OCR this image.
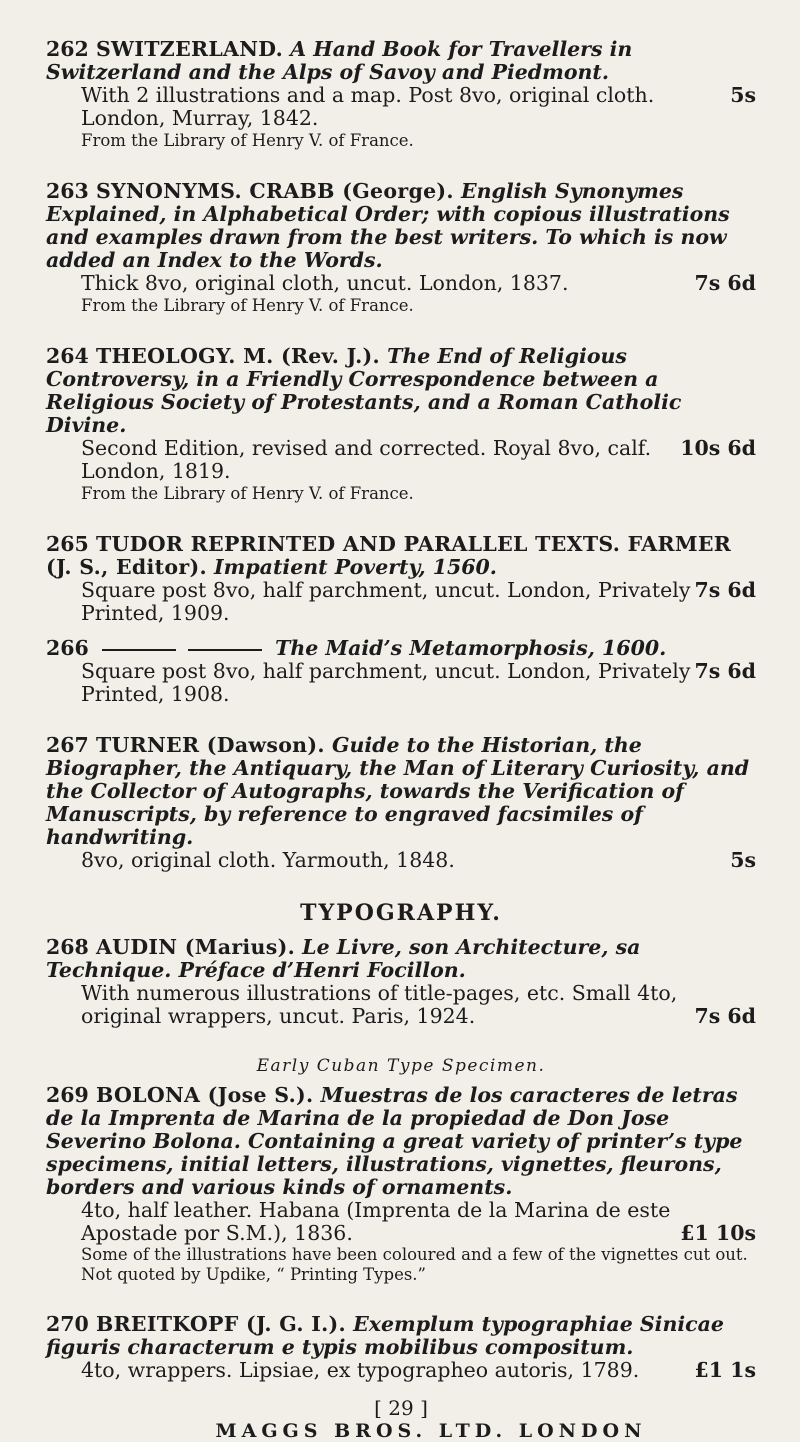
262 SWITZERLAND. A Hand Book for Travellers in Switzerland and the Alps of Savoy and Piedmont.
With 2 illustrations and a map. Post 8vo, original cloth. London, Murray, 1842.
5s
From the Library of Henry V. of France.
263 SYNONYMS. CRABB (George). English Synonymes Explained, in Alphabetical Order; with copious illustrations and examples drawn from the best writers. To which is now added an Index to the Words.
Thick 8vo, original cloth, uncut. London, 1837.	7s 6d
From the Library of Henry V. of France.
264 THEOLOGY. M. (Rev. J.). The End of Religious Controversy, in a Friendly Correspondence between a Religious Society of Protestants, and a Roman Catholic Divine.
Second Edition, revised and corrected. Royal 8vo, calf. London, 1819.
10s 6d
From the Library of Henry V. of France.
265 TUDOR REPRINTED AND PARALLEL TEXTS. FARMER (J. S., Editor). Impatient Poverty, 1560.
Square post 8vo, half parchment, uncut. London, Privately Printed, 1909.
7s 6d
266	The Maid’s Metamorphosis, 1600.
Square post 8vo, half parchment, uncut. London, Privately Printed, 1908.
7s 6d
267 TURNER (Dawson). Guide to the Historian, the Biographer, the Antiquary, the Man of Literary Curiosity, and the Collector of Autographs, towards the Verification of Manuscripts, by reference to engraved facsimiles of handwriting.
8vo, original cloth. Yarmouth, 1848.	5s
TYPOGRAPHY.
268 AUDIN (Marius). Le Livre, son Architecture, sa Technique. Préface d’Henri Focillon.
With numerous illustrations of title-pages, etc. Small 4to, original wrappers, uncut. Paris, 1924.	7s 6d
Early Cuban Type Specimen.
269 BOLONA (Jose S.). Muestras de los caracteres de letras de la Imprenta de Marina de la propiedad de Don Jose Severino Bolona. Containing a great variety of printer’s type specimens, initial letters, illustrations, vignettes, fleurons, borders and various kinds of ornaments.
4to, half leather. Habana (Imprenta de la Marina de este Apostade por S.M.), 1836.	£1 10s
Some of the illustrations have been coloured and a few of the vignettes cut out. Not quoted by Updike, “ Printing Types.”
270 BREITKOPF (J. G. I.). Exemplum typographiae Sinicae figuris characterum e typis mobilibus compositum.
4to, wrappers. Lipsiae, ex typographeo autoris, 1789.	£1 1s
[ 29 ]
MAGGS BROS. LTD. LONDON
